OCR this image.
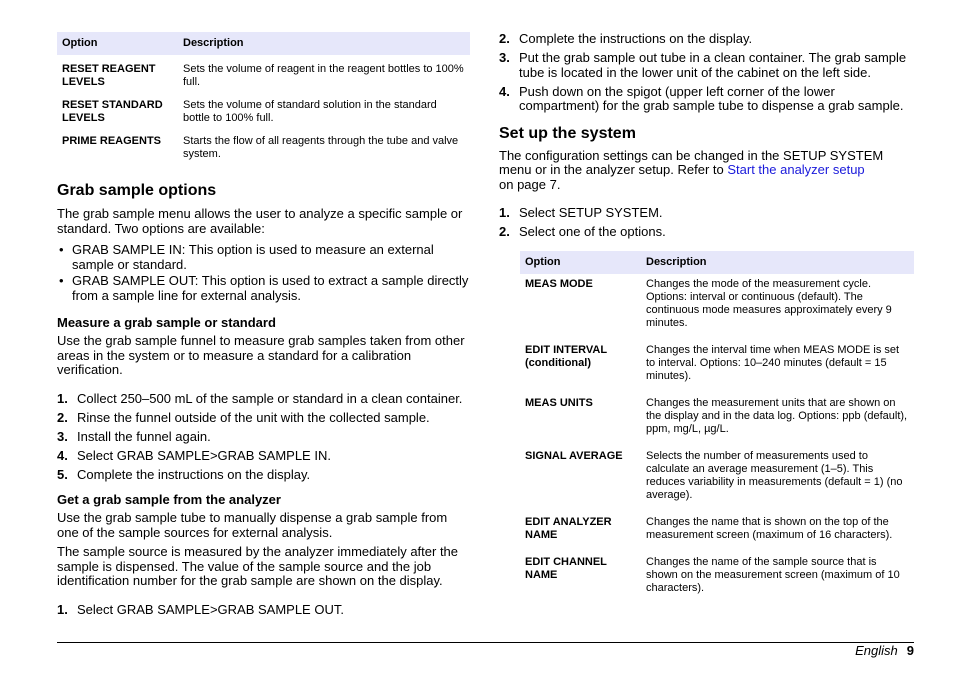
Option	Description
RESET REAGENT LEVELS	Sets the volume of reagent in the reagent bottles to 100% full.
RESET STANDARD LEVELS	Sets the volume of standard solution in the standard bottle to 100% full.
PRIME REAGENTS	Starts the flow of all reagents through the tube and valve system.
Grab sample options

The grab sample menu allows the user to analyze a specific sample or standard. Two options are available:

• GRAB SAMPLE IN: This option is used to measure an external sample or standard.
• GRAB SAMPLE OUT: This option is used to extract a sample directly from a sample line for external analysis.
Measure a grab sample or standard

Use the grab sample funnel to measure grab samples taken from other areas in the system or to measure a standard for a calibration verification.

1. Collect 250–500 mL of the sample or standard in a clean container.
2. Rinse the funnel outside of the unit with the collected sample.
3. Install the funnel again.
4. Select GRAB SAMPLE>GRAB SAMPLE IN.
5. Complete the instructions on the display.
Get a grab sample from the analyzer

Use the grab sample tube to manually dispense a grab sample from one of the sample sources for external analysis.

The sample source is measured by the analyzer immediately after the sample is dispensed. The value of the sample source and the job identification number for the grab sample are shown on the display.

1. Select GRAB SAMPLE>GRAB SAMPLE OUT.
2. Complete the instructions on the display.
3. Put the grab sample out tube in a clean container. The grab sample tube is located in the lower unit of the cabinet on the left side.
4. Push down on the spigot (upper left corner of the lower compartment) for the grab sample tube to dispense a grab sample.
Set up the system

The configuration settings can be changed in the SETUP SYSTEM menu or in the analyzer setup. Refer to Start the analyzer setup
on page 7.

1. Select SETUP SYSTEM.
2. Select one of the options.
Option	Description
MEAS MODE	Changes the mode of the measurement cycle. Options: interval or continuous (default). The continuous mode measures approximately every 9 minutes.
EDIT INTERVAL (conditional)	Changes the interval time when MEAS MODE is set to interval. Options: 10–240 minutes (default = 15 minutes).
MEAS UNITS	Changes the measurement units that are shown on the display and in the data log. Options: ppb (default), ppm, mg/L, µg/L.
SIGNAL AVERAGE	Selects the number of measurements used to calculate an average measurement (1–5). This reduces variability in measurements (default = 1) (no average).
EDIT ANALYZER NAME	Changes the name that is shown on the top of the measurement screen (maximum of 16 characters).
EDIT CHANNEL NAME	Changes the name of the sample source that is shown on the measurement screen (maximum of 10 characters).
English 9
